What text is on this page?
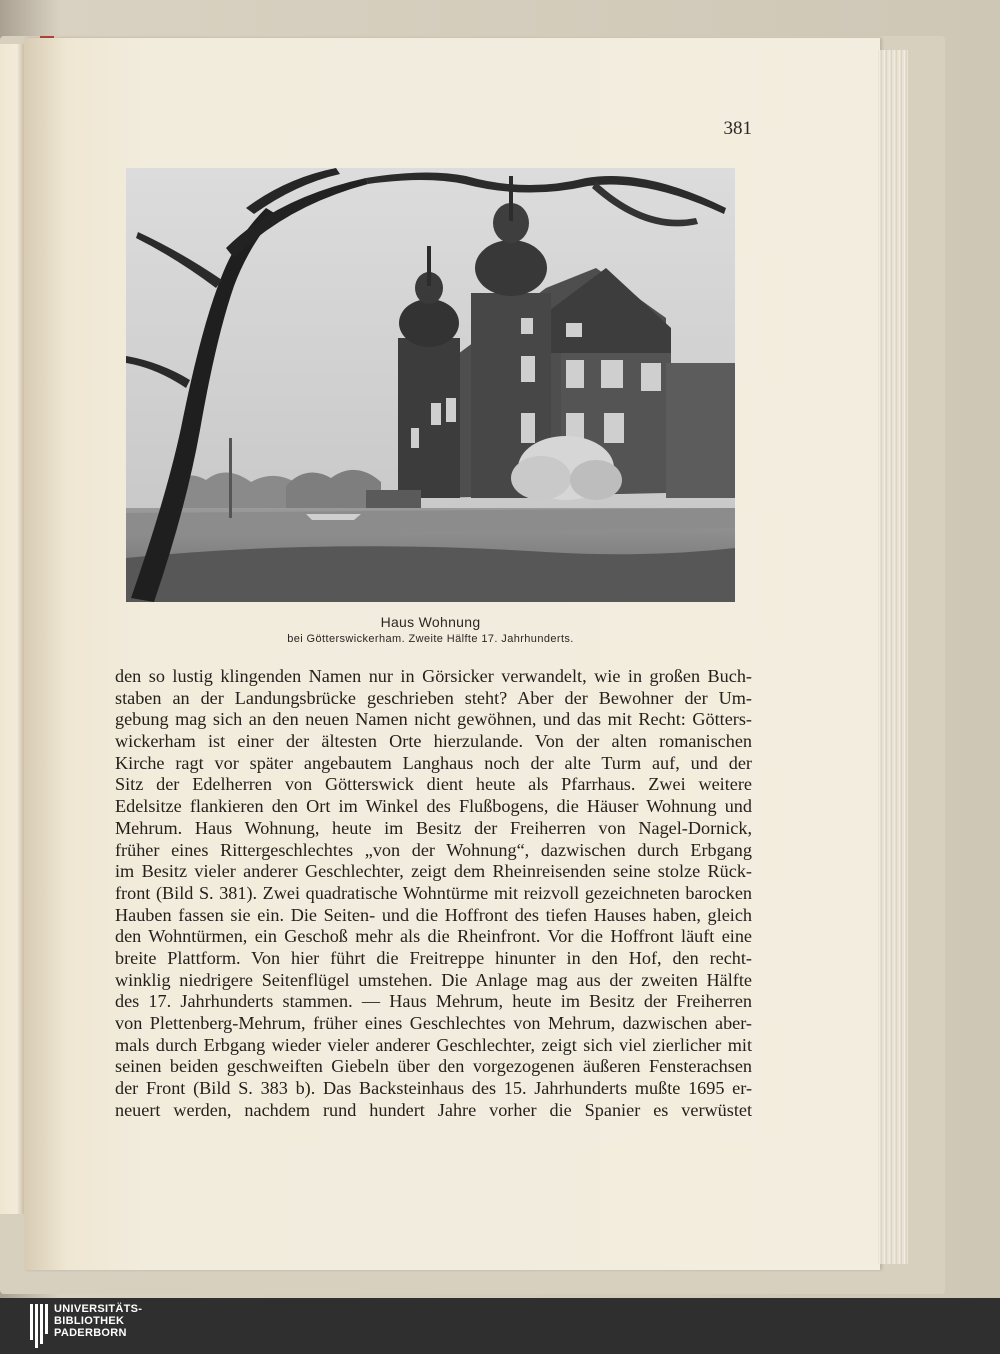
381
Haus Wohnung
bei Götterswickerham. Zweite Hälfte 17. Jahrhunderts.
den so lustig klingenden Namen nur in Görsicker verwandelt, wie in großen Buch-
staben an der Landungsbrücke geschrieben steht? Aber der Bewohner der Um-
gebung mag sich an den neuen Namen nicht gewöhnen, und das mit Recht: Götters-
wickerham ist einer der ältesten Orte hierzulande. Von der alten romanischen
Kirche ragt vor später angebautem Langhaus noch der alte Turm auf, und der
Sitz der Edelherren von Götterswick dient heute als Pfarrhaus. Zwei weitere
Edelsitze flankieren den Ort im Winkel des Flußbogens, die Häuser Wohnung und
Mehrum. Haus Wohnung, heute im Besitz der Freiherren von Nagel-Dornick,
früher eines Rittergeschlechtes „von der Wohnung“, dazwischen durch Erbgang
im Besitz vieler anderer Geschlechter, zeigt dem Rheinreisenden seine stolze Rück-
front (Bild S. 381). Zwei quadratische Wohntürme mit reizvoll gezeichneten barocken
Hauben fassen sie ein. Die Seiten- und die Hoffront des tiefen Hauses haben, gleich
den Wohntürmen, ein Geschoß mehr als die Rheinfront. Vor die Hoffront läuft eine
breite Plattform. Von hier führt die Freitreppe hinunter in den Hof, den recht-
winklig niedrigere Seitenflügel umstehen. Die Anlage mag aus der zweiten Hälfte
des 17. Jahrhunderts stammen. — Haus Mehrum, heute im Besitz der Freiherren
von Plettenberg-Mehrum, früher eines Geschlechtes von Mehrum, dazwischen aber-
mals durch Erbgang wieder vieler anderer Geschlechter, zeigt sich viel zierlicher mit
seinen beiden geschweiften Giebeln über den vorgezogenen äußeren Fensterachsen
der Front (Bild S. 383 b). Das Backsteinhaus des 15. Jahrhunderts mußte 1695 er-
neuert werden, nachdem rund hundert Jahre vorher die Spanier es verwüstet
UNIVERSITÄTS-
BIBLIOTHEK
PADERBORN
